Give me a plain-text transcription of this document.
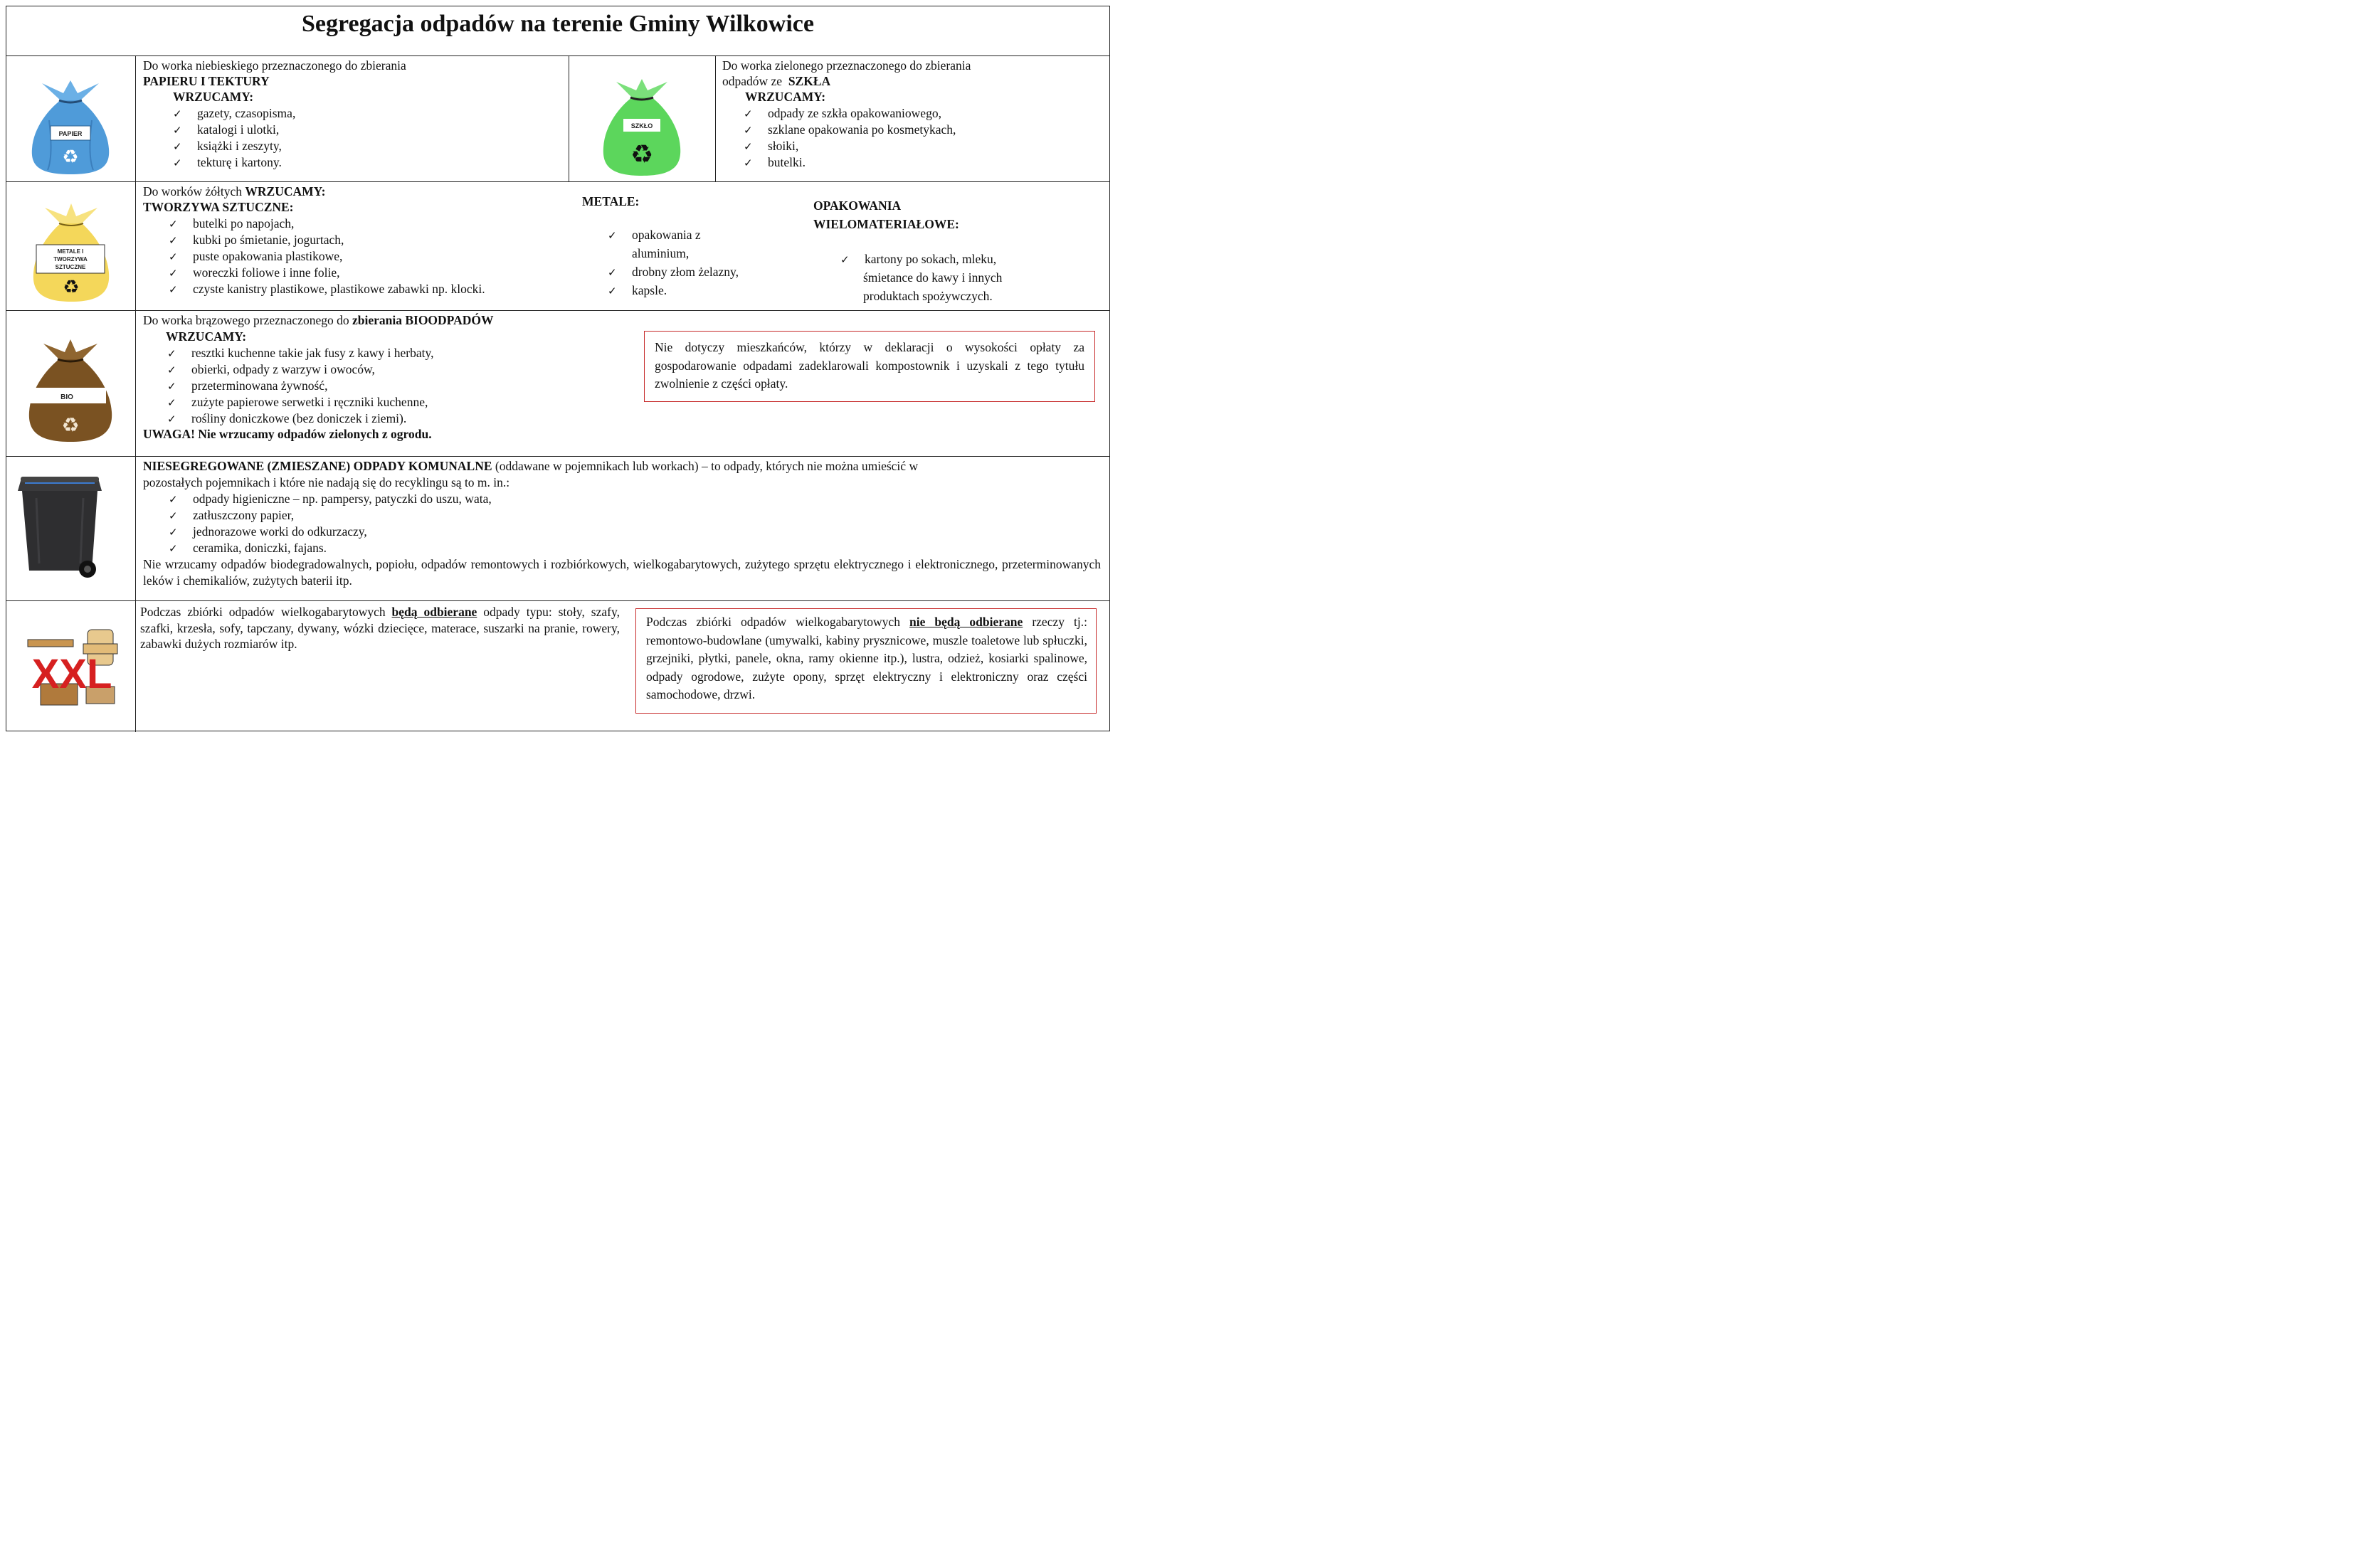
Segregacja odpadów na terenie Gminy Wilkowice
PAPIER
♻
Do worka niebieskiego przeznaczonego do zbierania
PAPIERU I TEKTURY
WRZUCAMY:
✓ gazety, czasopisma,
✓ katalogi i ulotki,
✓ książki i zeszyty,
✓ tekturę i kartony.
SZKŁO
♻
Do worka zielonego przeznaczonego do zbierania
odpadów ze SZKŁA
WRZUCAMY:
✓ odpady ze szkła opakowaniowego,
✓ szklane opakowania po kosmetykach,
✓ słoiki,
✓ butelki.
METALE I
TWORZYWA
SZTUCZNE
♻
Do worków żółtych WRZUCAMY:
TWORZYWA SZTUCZNE:
✓ butelki po napojach,
✓ kubki po śmietanie, jogurtach,
✓ puste opakowania plastikowe,
✓ woreczki foliowe i inne folie,
✓ czyste kanistry plastikowe, plastikowe zabawki np. klocki.
METALE:
✓ opakowania z
aluminium,
✓ drobny złom żelazny,
✓ kapsle.
OPAKOWANIA
WIELOMATERIAŁOWE:
✓ kartony po sokach, mleku,
śmietance do kawy i innych
produktach spożywczych.
BIO
♻
Do worka brązowego przeznaczonego do zbierania BIOODPADÓW
WRZUCAMY:
✓ resztki kuchenne takie jak fusy z kawy i herbaty,
✓ obierki, odpady z warzyw i owoców,
✓ przeterminowana żywność,
✓ zużyte papierowe serwetki i ręczniki kuchenne,
✓ rośliny doniczkowe (bez doniczek i ziemi).
UWAGA! Nie wrzucamy odpadów zielonych z ogrodu.
Nie dotyczy mieszkańców, którzy w deklaracji o wysokości opłaty za gospodarowanie odpadami zadeklarowali kompostownik i uzyskali z tego tytułu zwolnienie z części opłaty.
NIESEGREGOWANE (ZMIESZANE) ODPADY KOMUNALNE (oddawane w pojemnikach lub workach) – to odpady, których nie można umieścić w
pozostałych pojemnikach i które nie nadają się do recyklingu są to m. in.:
✓ odpady higieniczne – np. pampersy, patyczki do uszu, wata,
✓ zatłuszczony papier,
✓ jednorazowe worki do odkurzaczy,
✓ ceramika, doniczki, fajans.
Nie wrzucamy odpadów biodegradowalnych, popiołu, odpadów remontowych i rozbiórkowych, wielkogabarytowych, zużytego sprzętu elektrycznego i elektronicznego, przeterminowanych leków i chemikaliów, zużytych baterii itp.
XXL
Podczas zbiórki odpadów wielkogabarytowych będą odbierane odpady typu: stoły, szafy, szafki, krzesła, sofy, tapczany, dywany, wózki dziecięce, materace, suszarki na pranie, rowery, zabawki dużych rozmiarów itp.
Podczas zbiórki odpadów wielkogabarytowych nie będą odbierane rzeczy tj.: remontowo-budowlane (umywalki, kabiny prysznicowe, muszle toaletowe lub spłuczki, grzejniki, płytki, panele, okna, ramy okienne itp.), lustra, odzież, kosiarki spalinowe, odpady ogrodowe, zużyte opony, sprzęt elektryczny i elektroniczny oraz części samochodowe, drzwi.
